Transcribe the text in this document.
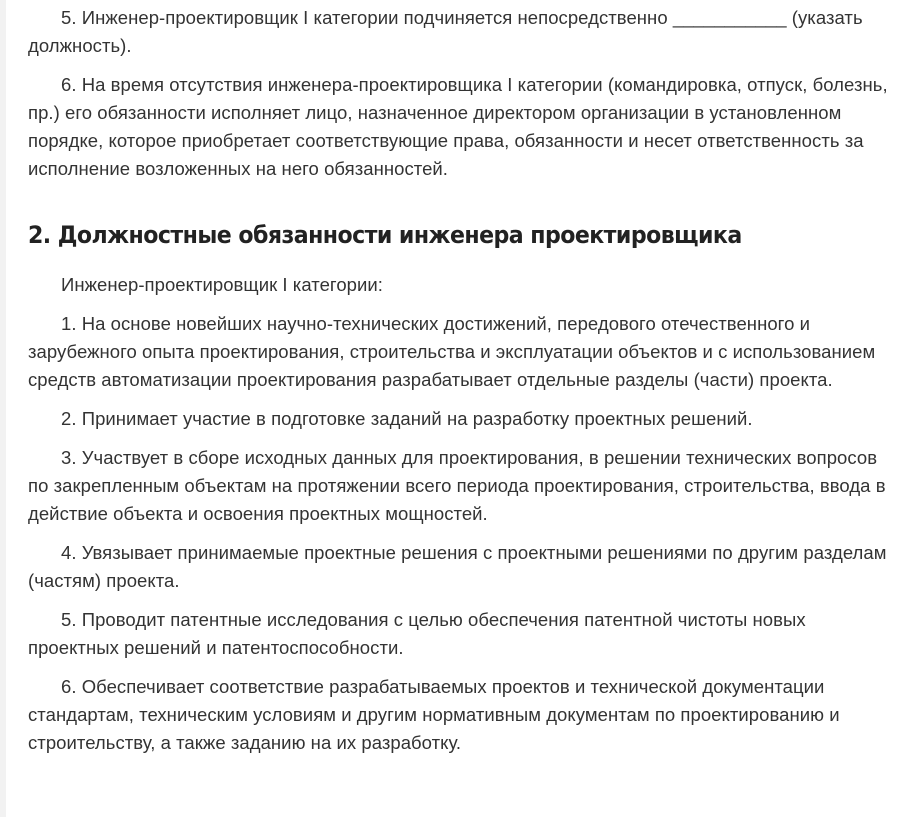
5. Инженер-проектировщик I категории подчиняется непосредственно ___________ (указать должность).

6. На время отсутствия инженера-проектировщика I категории (командировка, отпуск, болезнь, пр.) его обязанности исполняет лицо, назначенное директором организации в установленном порядке, которое приобретает соответствующие права, обязанности и несет ответственность за исполнение возложенных на него обязанностей.

2. Должностные обязанности инженера проектировщика

Инженер-проектировщик I категории:

1. На основе новейших научно-технических достижений, передового отечественного и зарубежного опыта проектирования, строительства и эксплуатации объектов и с использованием средств автоматизации проектирования разрабатывает отдельные разделы (части) проекта.

2. Принимает участие в подготовке заданий на разработку проектных решений.

3. Участвует в сборе исходных данных для проектирования, в решении технических вопросов по закрепленным объектам на протяжении всего периода проектирования, строительства, ввода в действие объекта и освоения проектных мощностей.

4. Увязывает принимаемые проектные решения с проектными решениями по другим разделам (частям) проекта.

5. Проводит патентные исследования с целью обеспечения патентной чистоты новых проектных решений и патентоспособности.

6. Обеспечивает соответствие разрабатываемых проектов и технической документации стандартам, техническим условиям и другим нормативным документам по проектированию и строительству, а также заданию на их разработку.
